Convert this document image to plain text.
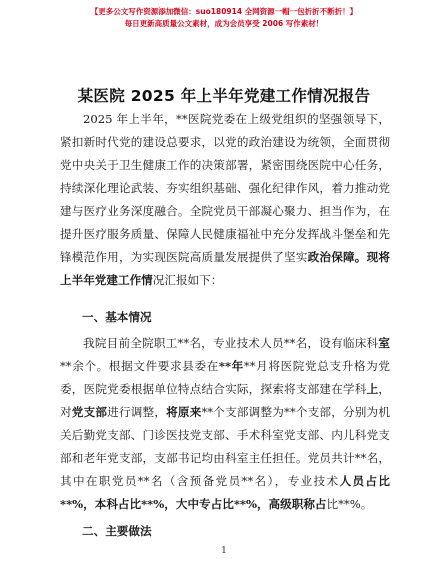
【更多公文写作资源添加微信：suo180914 全网资源一帽一包折折不断折！】
每日更新高质量公文素材，成为会员享受 2006 写作素材！
某医院 2025 年上半年党建工作情况报告

2025 年上半年，**医院党委在上级党组织的坚强领导下，紧扣新时代党的建设总要求，以党的政治建设为统领，全面贯彻党中央关于卫生健康工作的决策部署，紧密围绕医院中心任务，持续深化理论武装、夯实组织基础、强化纪律作风，着力推动党建与医疗业务深度融合。全院党员干部凝心聚力、担当作为，在提升医疗服务质量、保障人民健康福祉中充分发挥战斗堡垒和先锋模范作用，为实现医院高质量发展提供了坚实政治保障。现将上半年党建工作情况汇报如下：

一、基本情况

我院目前全院职工**名，专业技术人员**名，设有临床科室**余个。根据文件要求县委在**年**月将医院党总支升格为党委，医院党委根据单位特点结合实际，探索将支部建在学科上，对党支部进行调整，将原来**个支部调整为**个支部，分别为机关后勤党支部、门诊医技党支部、手术科室党支部、内儿科党支部和老年党支部，支部书记均由科室主任担任。党员共计**名，其中在职党员**名（含预备党员**名），专业技术人员占比**%，本科占比**%，大中专占比**%，高级职称占比**%。

二、主要做法
1
